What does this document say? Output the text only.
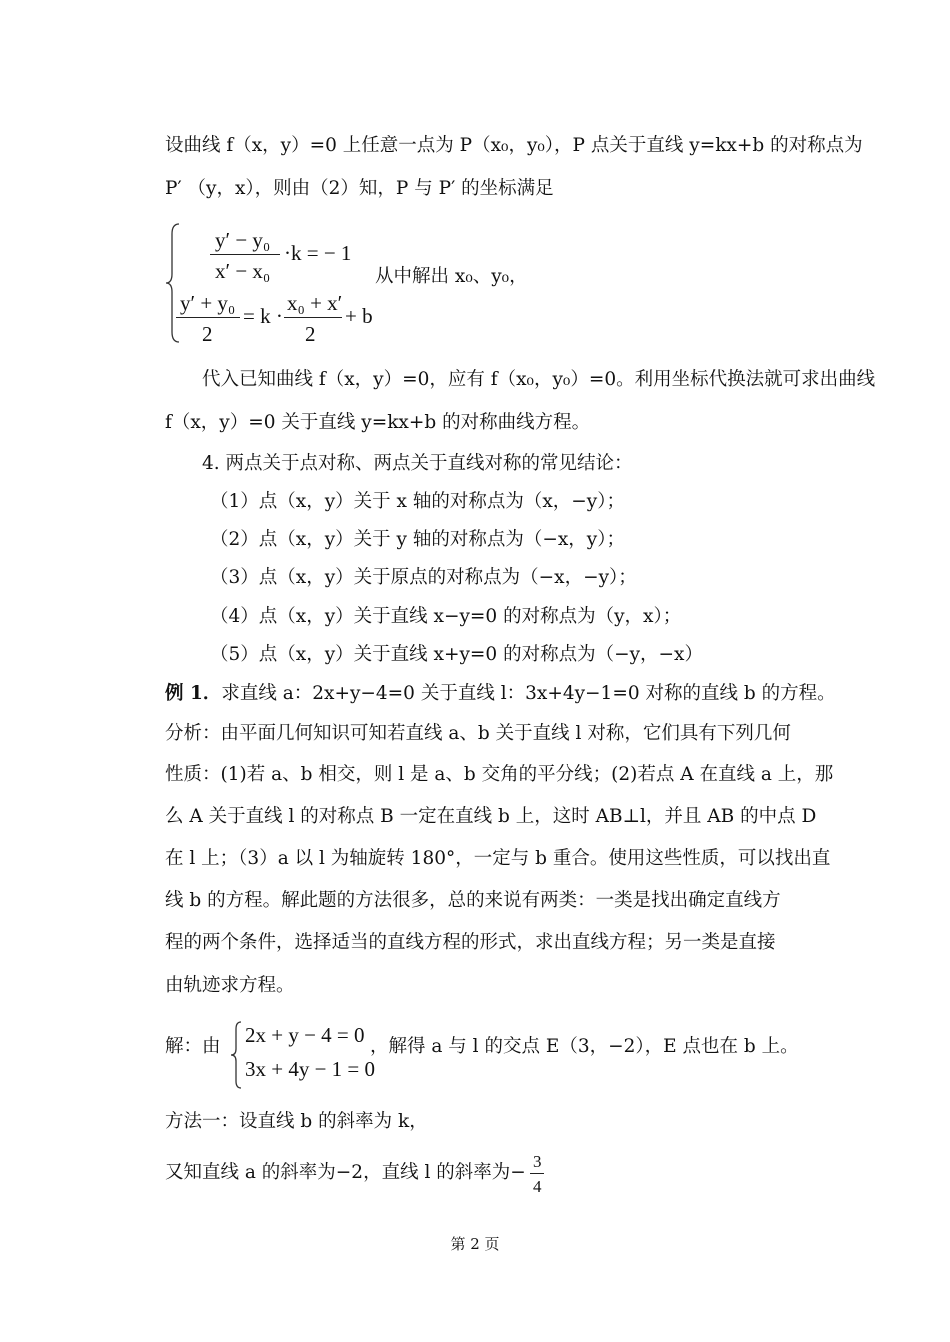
设曲线 f（x，y）=0 上任意一点为 P（x₀，y₀），P 点关于直线 y=kx+b 的对称点为
P′ （y，x），则由（2）知，P 与 P′ 的坐标满足
y′ − y₀
x′ − x₀
·k = − 1
y′ + y₀
2
= k ·
x₀ + x′
2
+ b
从中解出 x₀、y₀，
代入已知曲线 f（x，y）=0，应有 f（x₀，y₀）=0。利用坐标代换法就可求出曲线
f（x，y）=0 关于直线 y=kx+b 的对称曲线方程。
4. 两点关于点对称、两点关于直线对称的常见结论：
（1）点（x，y）关于 x 轴的对称点为（x，−y）；
（2）点（x，y）关于 y 轴的对称点为（−x，y）；
（3）点（x，y）关于原点的对称点为（−x，−y）；
（4）点（x，y）关于直线 x−y=0 的对称点为（y，x）；
（5）点（x，y）关于直线 x+y=0 的对称点为（−y，−x）
例 1．求直线 a：2x+y−4=0 关于直线 l：3x+4y−1=0 对称的直线 b 的方程。
分析：由平面几何知识可知若直线 a、b 关于直线 l 对称，它们具有下列几何
性质：(1)若 a、b 相交，则 l 是 a、b 交角的平分线；(2)若点 A 在直线 a 上，那
么 A 关于直线 l 的对称点 B 一定在直线 b 上，这时 AB⊥l，并且 AB 的中点 D
在 l 上；（3）a 以 l 为轴旋转 180°，一定与 b 重合。使用这些性质，可以找出直
线 b 的方程。解此题的方法很多，总的来说有两类：一类是找出确定直线方
程的两个条件，选择适当的直线方程的形式，求出直线方程；另一类是直接
由轨迹求方程。
解：由 2x + y − 4 = 0
3x + 4y − 1 = 0
，解得 a 与 l 的交点 E（3，−2），E 点也在 b 上。
方法一：设直线 b 的斜率为 k，
又知直线 a 的斜率为−2，直线 l 的斜率为−
3
4
第 2 页
